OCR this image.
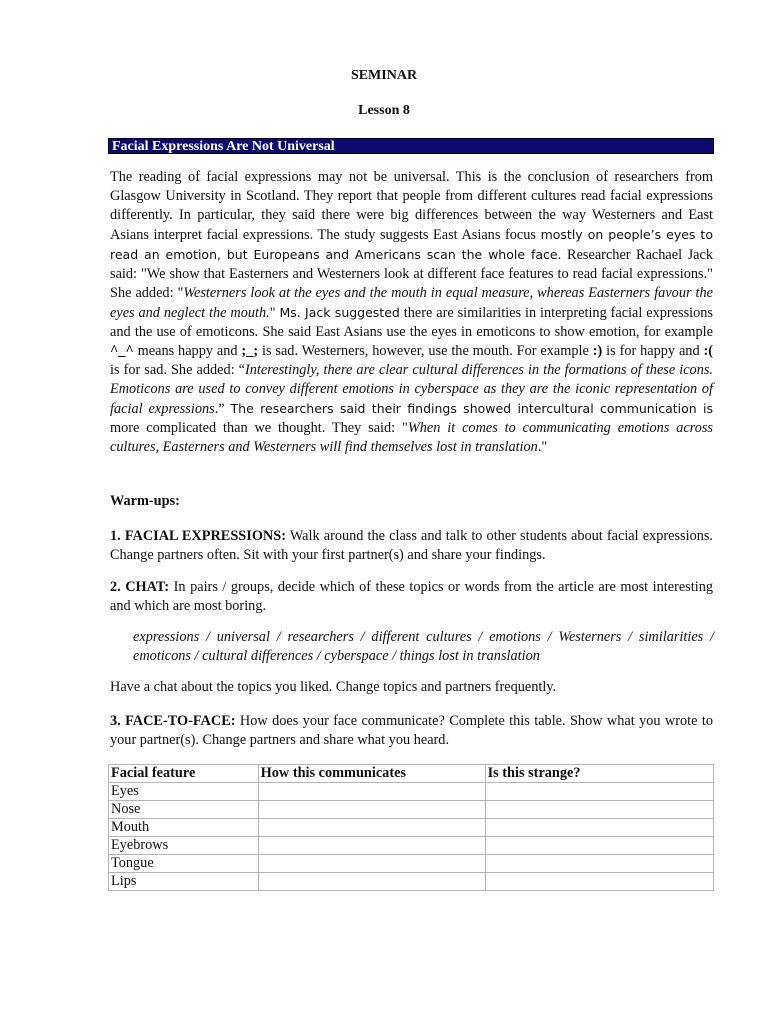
SEMINAR
Lesson 8
Facial Expressions Are Not Universal
The reading of facial expressions may not be universal. This is the conclusion of researchers from Glasgow University in Scotland. They report that people from different cultures read facial expressions differently. In particular, they said there were big differences between the way Westerners and East Asians interpret facial expressions. The study suggests East Asians focus mostly on people’s eyes to read an emotion, but Europeans and Americans scan the whole face. Researcher Rachael Jack said: "We show that Easterners and Westerners look at different face features to read facial expressions." She added: "Westerners look at the eyes and the mouth in equal measure, whereas Easterners favour the eyes and neglect the mouth." Ms. Jack suggested there are similarities in interpreting facial expressions and the use of emoticons. She said East Asians use the eyes in emoticons to show emotion, for example ^_^ means happy and ;_; is sad. Westerners, however, use the mouth. For example :) is for happy and :( is for sad. She added: “Interestingly, there are clear cultural differences in the formations of these icons. Emoticons are used to convey different emotions in cyberspace as they are the iconic representation of facial expressions.” The researchers said their findings showed intercultural communication is more complicated than we thought. They said: "When it comes to communicating emotions across cultures, Easterners and Westerners will find themselves lost in translation."
Warm-ups:
1. FACIAL EXPRESSIONS: Walk around the class and talk to other students about facial expressions. Change partners often. Sit with your first partner(s) and share your findings.
2. CHAT: In pairs / groups, decide which of these topics or words from the article are most interesting and which are most boring.
expressions / universal / researchers / different cultures / emotions / Westerners / similarities / emoticons / cultural differences / cyberspace / things lost in translation
Have a chat about the topics you liked. Change topics and partners frequently.
3. FACE-TO-FACE: How does your face communicate? Complete this table. Show what you wrote to your partner(s). Change partners and share what you heard.
Facial feature	How this communicates	Is this strange?
Eyes		
Nose		
Mouth		
Eyebrows		
Tongue		
Lips		
